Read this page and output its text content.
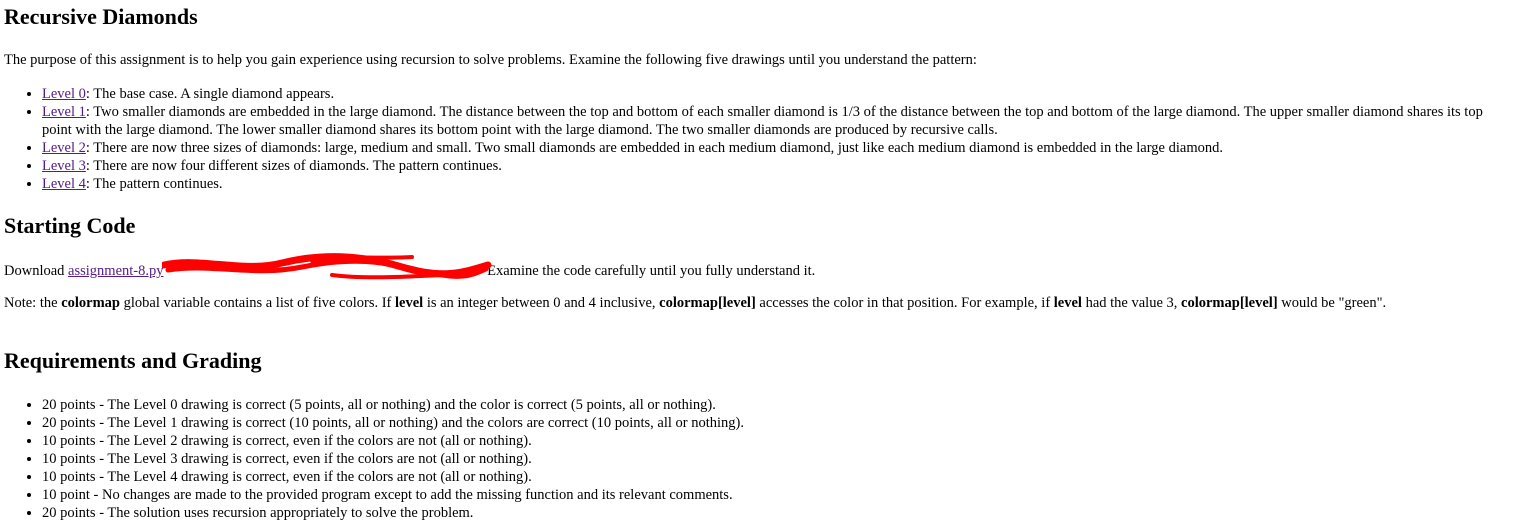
Recursive Diamonds

The purpose of this assignment is to help you gain experience using recursion to solve problems. Examine the following five drawings until you understand the pattern:

• Level 0: The base case. A single diamond appears.
• Level 1: Two smaller diamonds are embedded in the large diamond. The distance between the top and bottom of each smaller diamond is 1/3 of the distance between the top and bottom of the large diamond. The upper smaller diamond shares its top point with the large diamond. The lower smaller diamond shares its bottom point with the large diamond. The two smaller diamonds are produced by recursive calls.
• Level 2: There are now three sizes of diamonds: large, medium and small. Two small diamonds are embedded in each medium diamond, just like each medium diamond is embedded in the large diamond.
• Level 3: There are now four different sizes of diamonds. The pattern continues.
• Level 4: The pattern continues.
Starting Code

Download assignment-8.py	Examine the code carefully until you fully understand it.

Note: the colormap global variable contains a list of five colors. If level is an integer between 0 and 4 inclusive, colormap[level] accesses the color in that position. For example, if level had the value 3, colormap[level] would be "green".

Requirements and Grading
• 20 points - The Level 0 drawing is correct (5 points, all or nothing) and the color is correct (5 points, all or nothing).
• 20 points - The Level 1 drawing is correct (10 points, all or nothing) and the colors are correct (10 points, all or nothing).
• 10 points - The Level 2 drawing is correct, even if the colors are not (all or nothing).
• 10 points - The Level 3 drawing is correct, even if the colors are not (all or nothing).
• 10 points - The Level 4 drawing is correct, even if the colors are not (all or nothing).
• 10 point - No changes are made to the provided program except to add the missing function and its relevant comments.
• 20 points - The solution uses recursion appropriately to solve the problem.
